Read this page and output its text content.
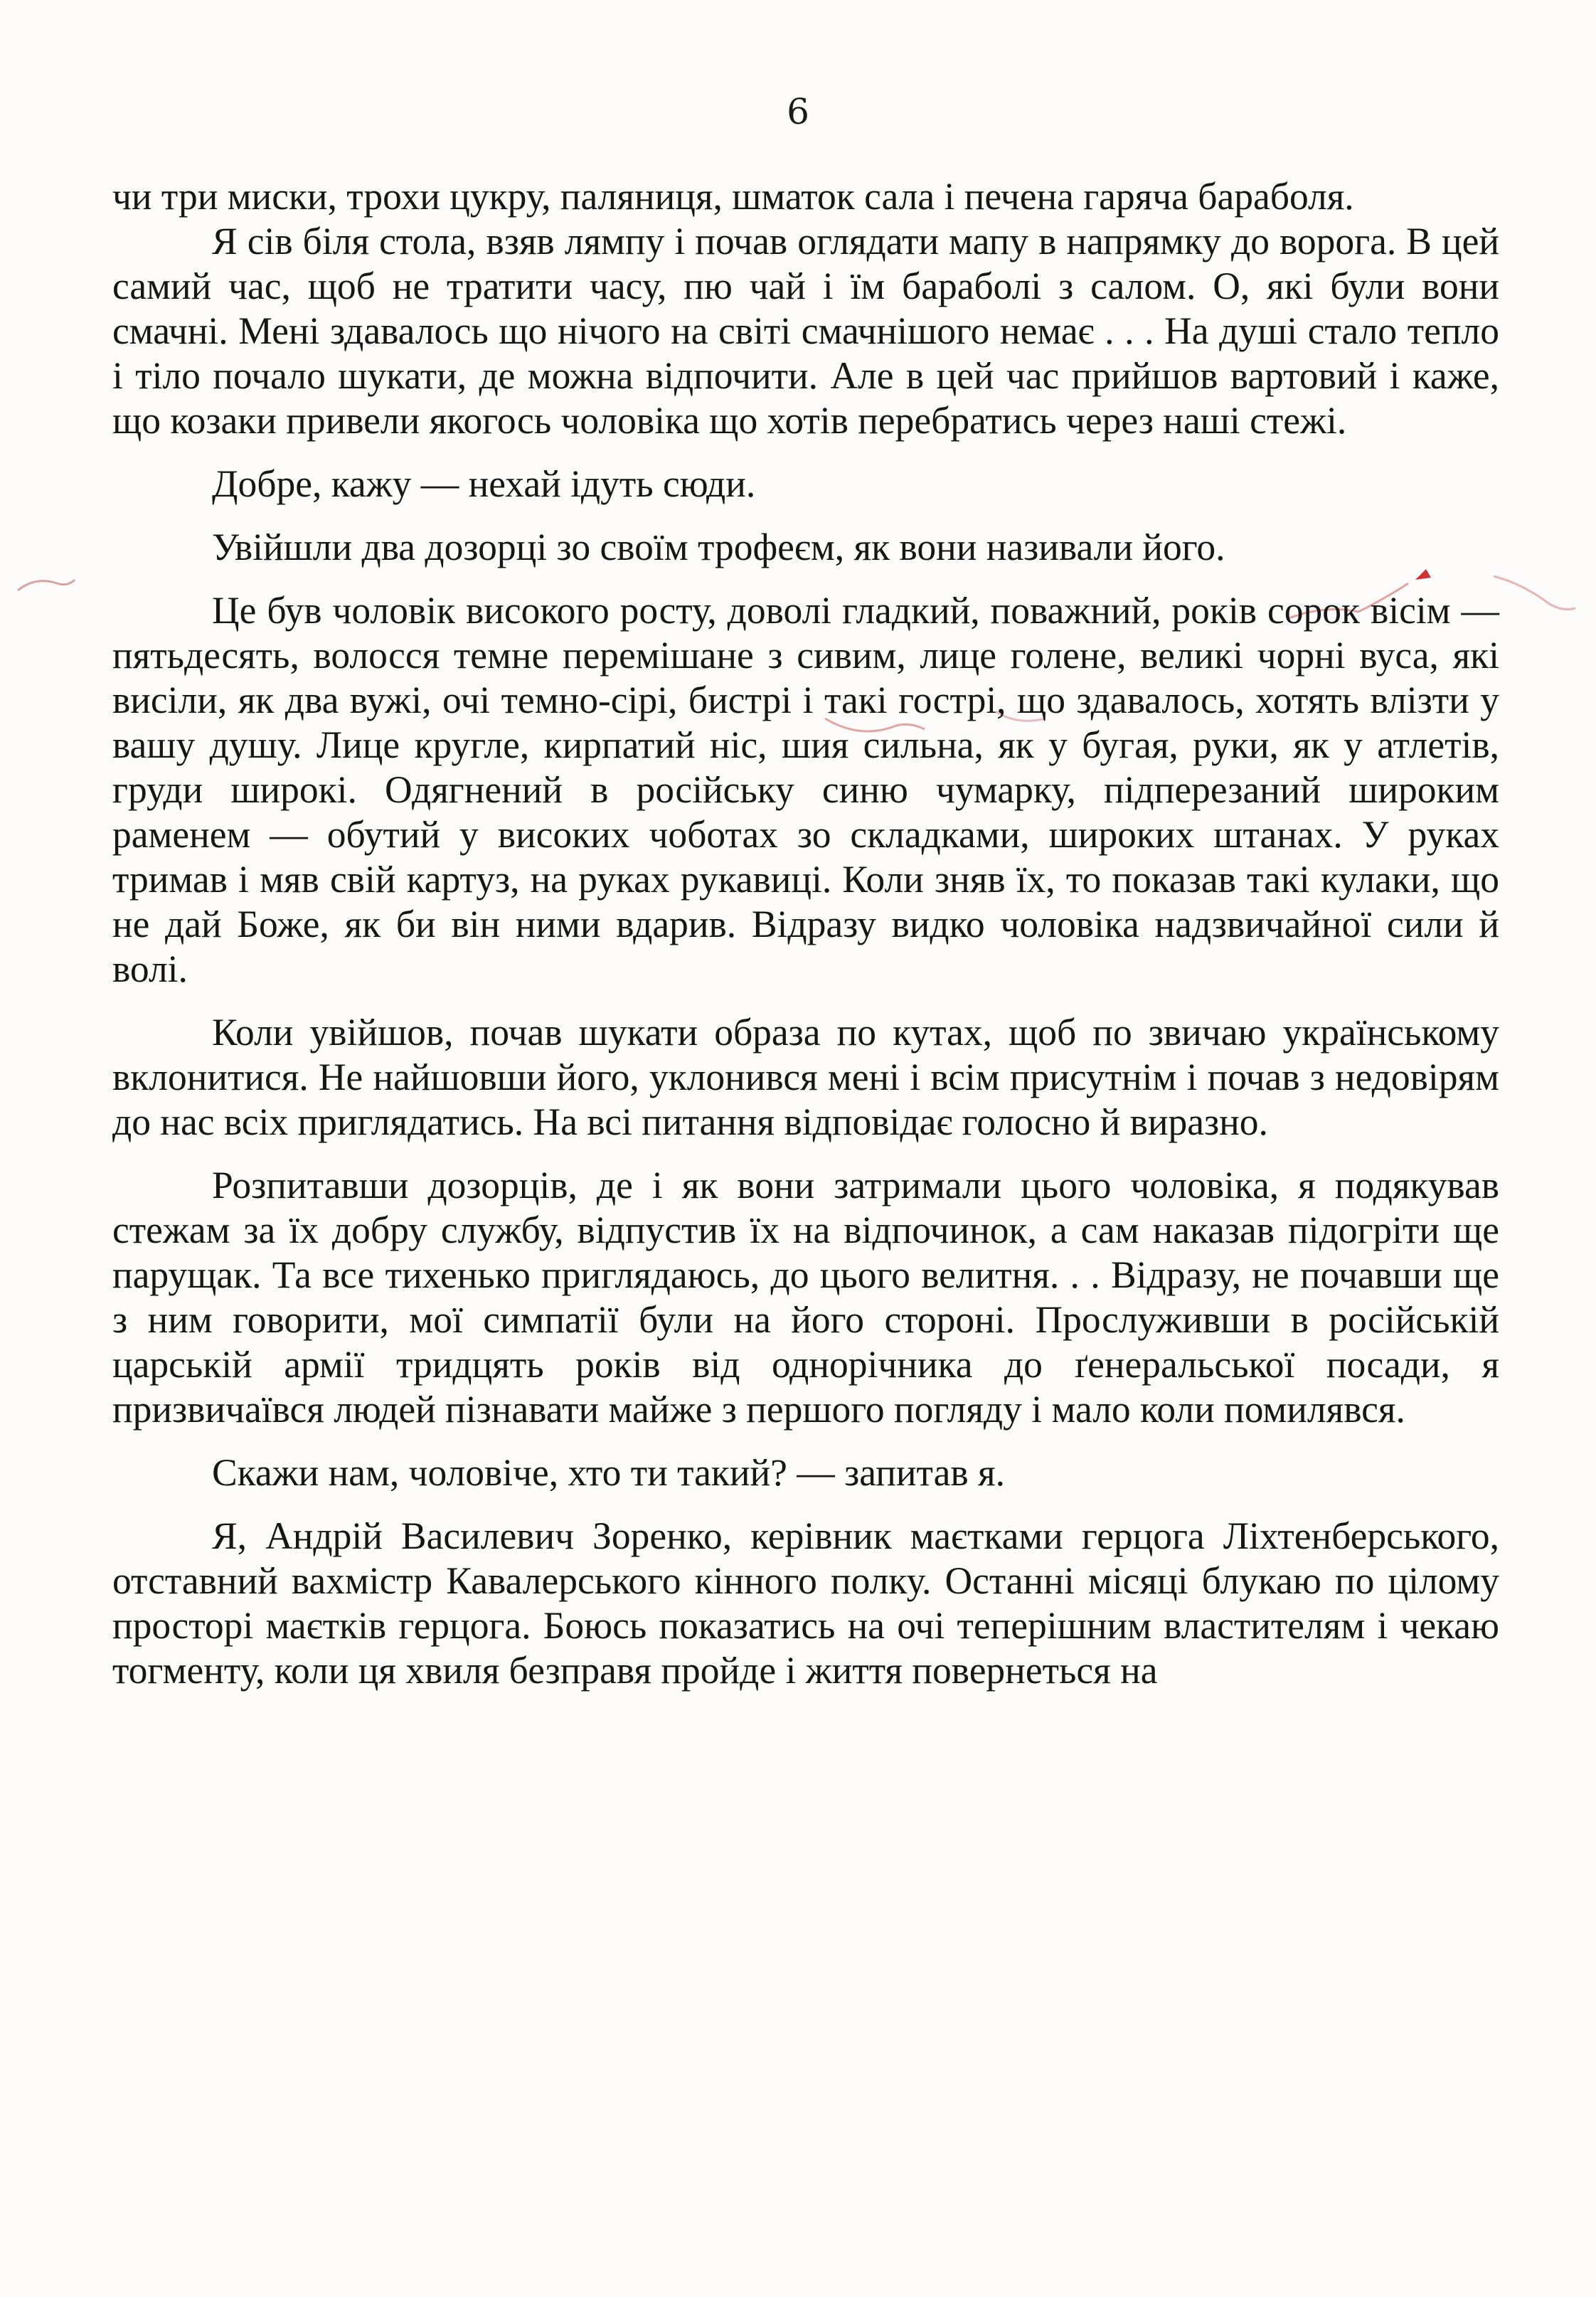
6

чи три миски, трохи цукру, паляниця, шматок сала і печена гаряча бараболя.

Я сів біля стола, взяв лямпу і почав оглядати мапу в напрямку до ворога. В цей самий час, щоб не тратити часу, пю чай і їм бараболі з салом. О, які були вони смачні. Мені здавалось що нічого на світі смачнішого немає . . . На душі стало тепло і тіло почало шукати, де можна відпочити. Але в цей час прийшов вартовий і каже, що козаки привели якогось чоловіка що хотів перебратись через наші стежі.

Добре, кажу — нехай ідуть сюди.

Увійшли два дозорці зо своїм трофеєм, як вони називали його.

Це був чоловік високого росту, доволі гладкий, поважний, років сорок вісім — пятьдесять, волосся темне перемішане з сивим, лице голене, великі чорні вуса, які висіли, як два вужі, очі темно-сірі, бистрі і такі гострі, що здавалось, хотять влізти у вашу душу. Лице кругле, кирпатий ніс, шия сильна, як у бугая, руки, як у атлетів, груди широкі. Одягнений в російську синю чумарку, підперезаний широким раменем — обутий у високих чоботах зо складками, широких штанах. У руках тримав і мяв свій картуз, на руках рукавиці. Коли зняв їх, то показав такі кулаки, що не дай Боже, як би він ними вдарив. Відразу видко чоловіка надзвичайної сили й волі.

Коли увійшов, почав шукати образа по кутах, щоб по звичаю українському вклонитися. Не найшовши його, уклонився мені і всім присутнім і почав з недовірям до нас всіх приглядатись. На всі питання відповідає голосно й виразно.

Розпитавши дозорців, де і як вони затримали цього чоловіка, я подякував стежам за їх добру службу, відпустив їх на відпочинок, а сам наказав підогріти ще парущак. Та все тихенько приглядаюсь, до цього велитня. . . Відразу, не почавши ще з ним говорити, мої симпатії були на його стороні. Прослуживши в російській царській армії тридцять років від однорічника до ґенеральської посади, я призвичаївся людей пізнавати майже з першого погляду і мало коли помилявся.

Скажи нам, чоловіче, хто ти такий? — запитав я.

Я, Андрій Василевич Зоренко, керівник маєтками герцога Ліхтенберського, отставний вахмістр Кавалерського кінного полку. Останні місяці блукаю по цілому просторі маєтків герцога. Боюсь показатись на очі теперішним властителям і чекаю тогменту, коли ця хвиля безправя пройде і життя повернеться на
